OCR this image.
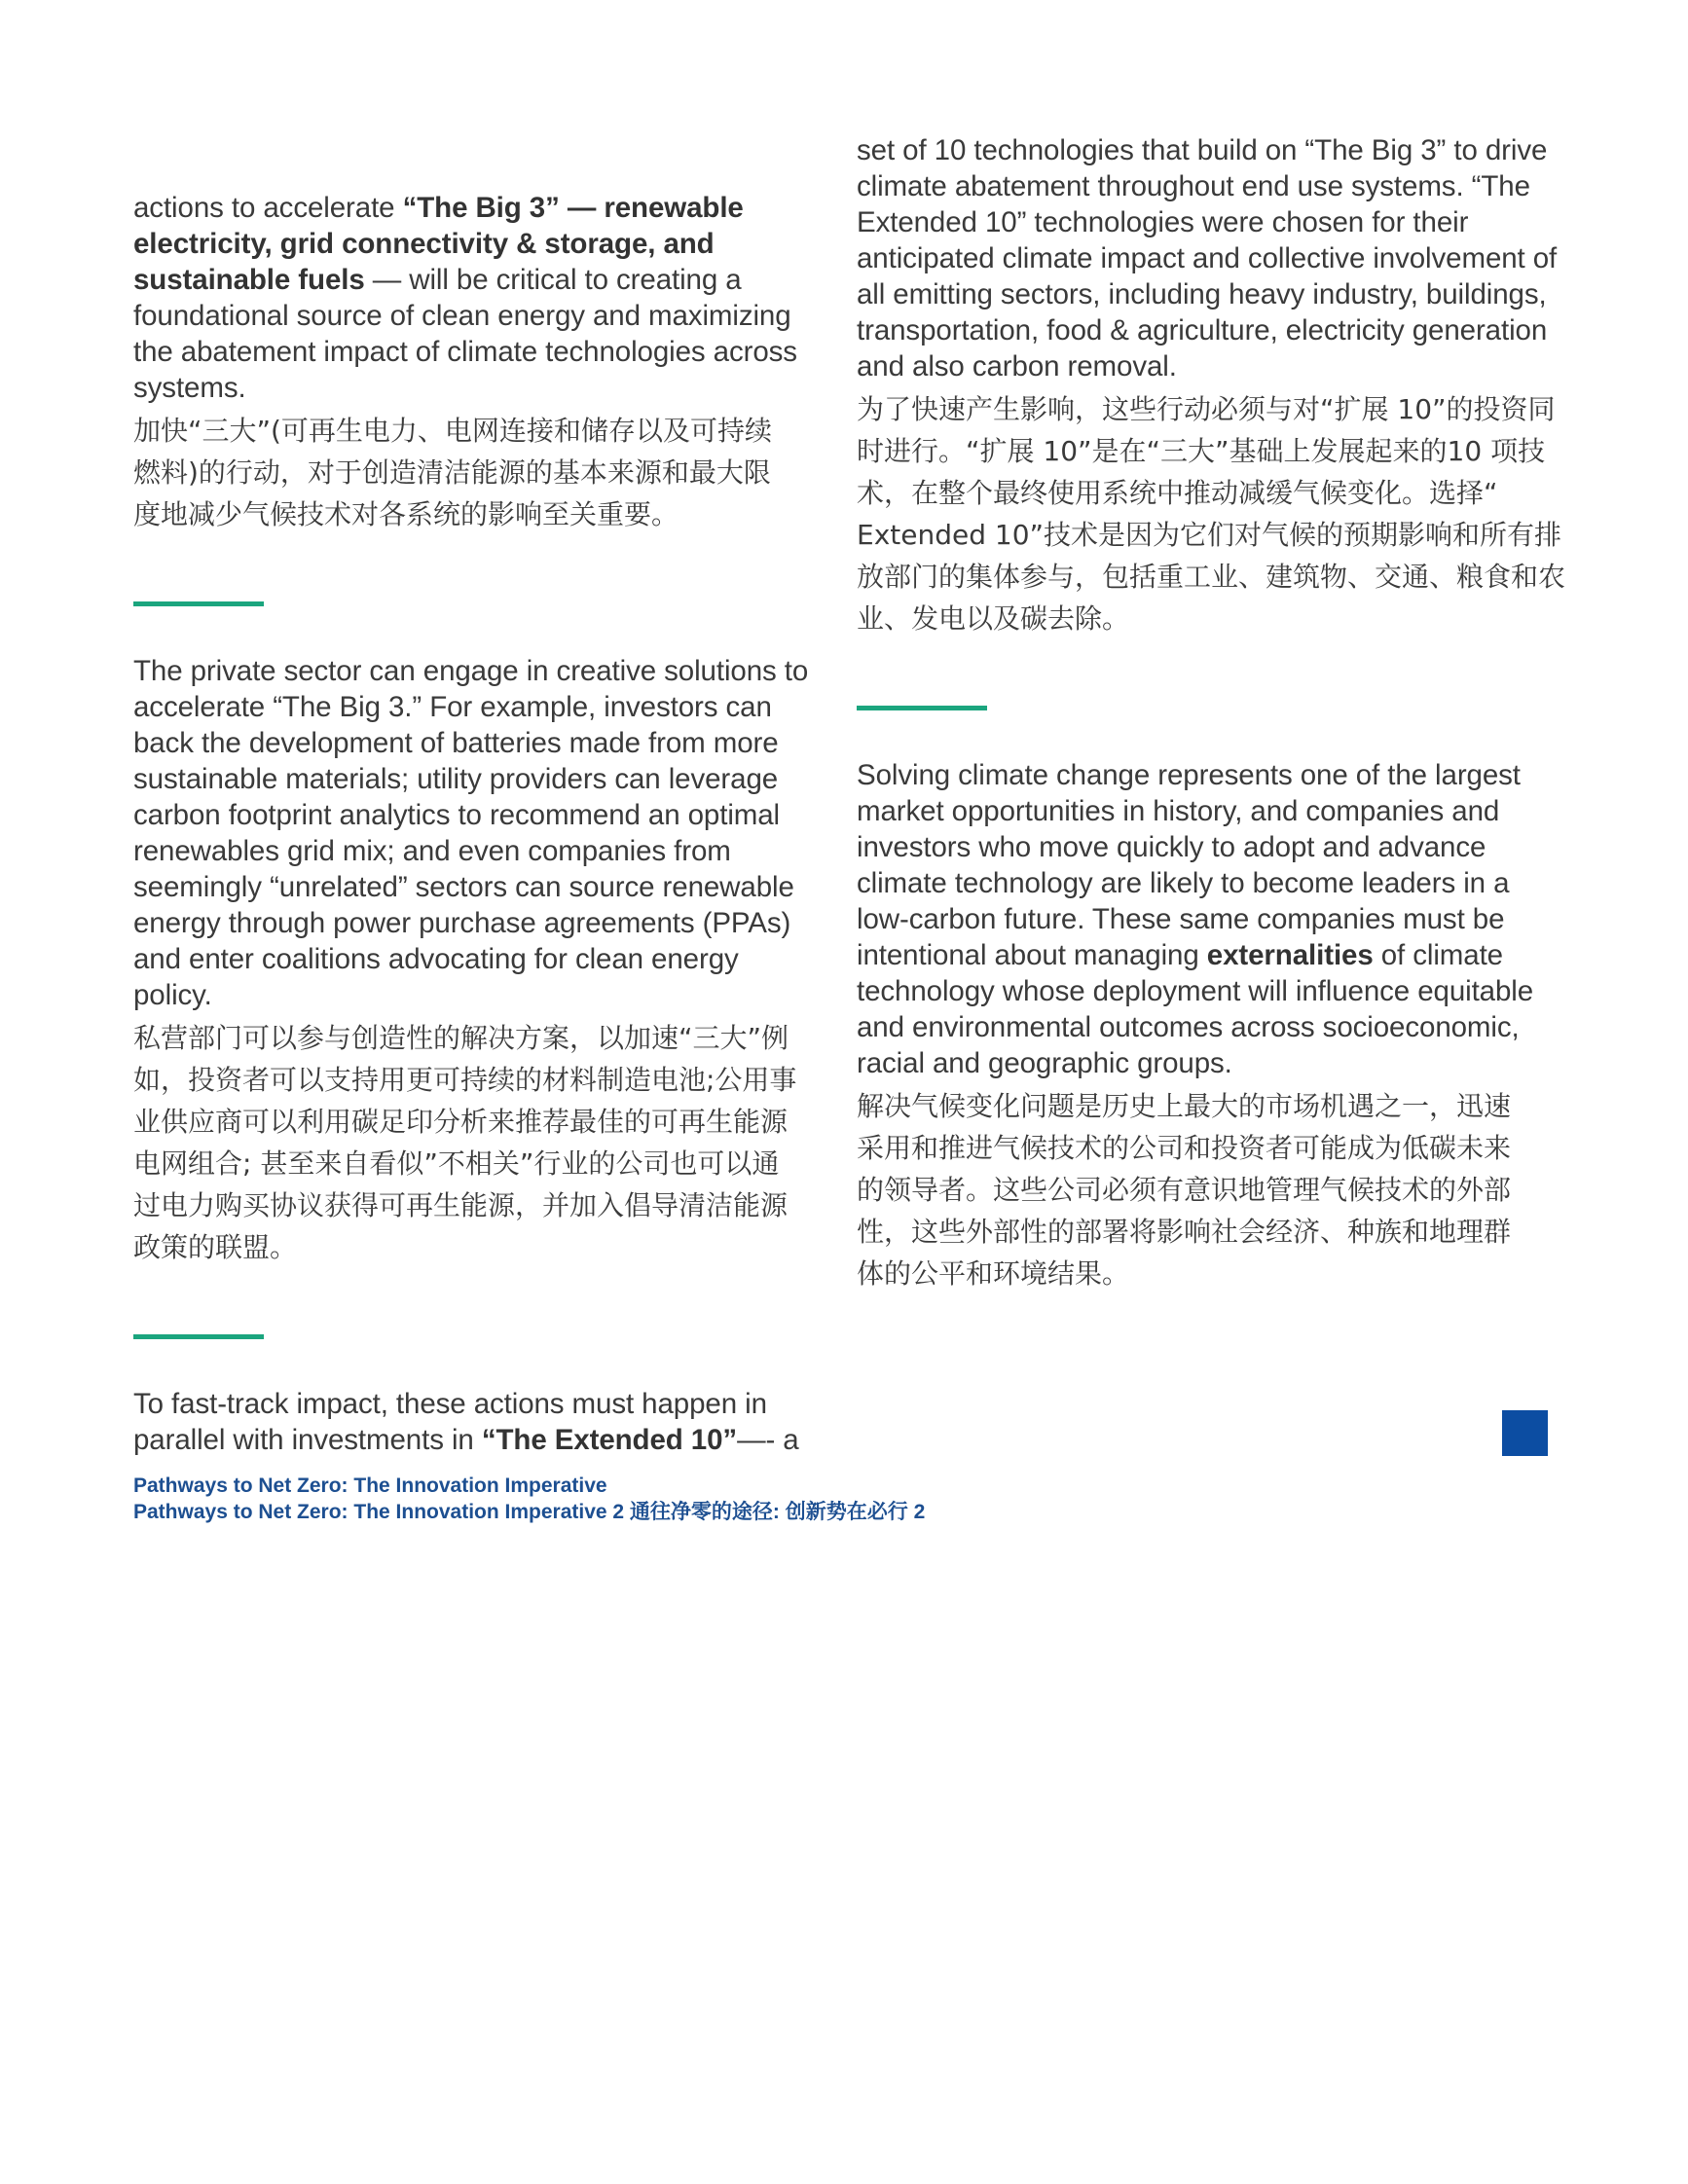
actions to accelerate “The Big 3” — renewable electricity, grid connectivity & storage, and sustainable fuels — will be critical to creating a foundational source of clean energy and maximizing the abatement impact of climate technologies across systems.

加快“三大”(可再生电力、电网连接和储存以及可持续燃料)的行动，对于创造清洁能源的基本来源和最大限度地减少气候技术对各系统的影响至关重要。

The private sector can engage in creative solutions to accelerate “The Big 3.” For example, investors can back the development of batteries made from more sustainable materials; utility providers can leverage carbon footprint analytics to recommend an optimal renewables grid mix; and even companies from seemingly “unrelated” sectors can source renewable energy through power purchase agreements (PPAs) and enter coalitions advocating for clean energy policy.

私营部门可以参与创造性的解决方案，以加速“三大”例如，投资者可以支持用更可持续的材料制造电池;公用事业供应商可以利用碳足印分析来推荐最佳的可再生能源电网组合; 甚至来自看似”不相关”行业的公司也可以通过电力购买协议获得可再生能源，并加入倡导清洁能源政策的联盟。

To fast-track impact, these actions must happen in parallel with investments in “The Extended 10”—- a

set of 10 technologies that build on “The Big 3” to drive climate abatement throughout end use systems. “The Extended 10” technologies were chosen for their anticipated climate impact and collective involvement of all emitting sectors, including heavy industry, buildings, transportation, food & agriculture, electricity generation and also carbon removal.

为了快速产生影响，这些行动必须与对“扩展 10”的投资同时进行。“扩展 10”是在“三大”基础上发展起来的10 项技术，在整个最终使用系统中推动减缓气候变化。选择“ Extended 10”技术是因为它们对气候的预期影响和所有排放部门的集体参与，包括重工业、建筑物、交通、粮食和农业、发电以及碳去除。

Solving climate change represents one of the largest market opportunities in history, and companies and investors who move quickly to adopt and advance climate technology are likely to become leaders in a low-carbon future. These same companies must be intentional about managing externalities of climate technology whose deployment will influence equitable and environmental outcomes across socioeconomic, racial and geographic groups.

解决气候变化问题是历史上最大的市场机遇之一，迅速采用和推进气候技术的公司和投资者可能成为低碳未来的领导者。这些公司必须有意识地管理气候技术的外部性，这些外部性的部署将影响社会经济、种族和地理群体的公平和环境结果。

Pathways to Net Zero: The Innovation Imperative
Pathways to Net Zero: The Innovation Imperative 2 通往净零的途径: 创新势在必行 2
